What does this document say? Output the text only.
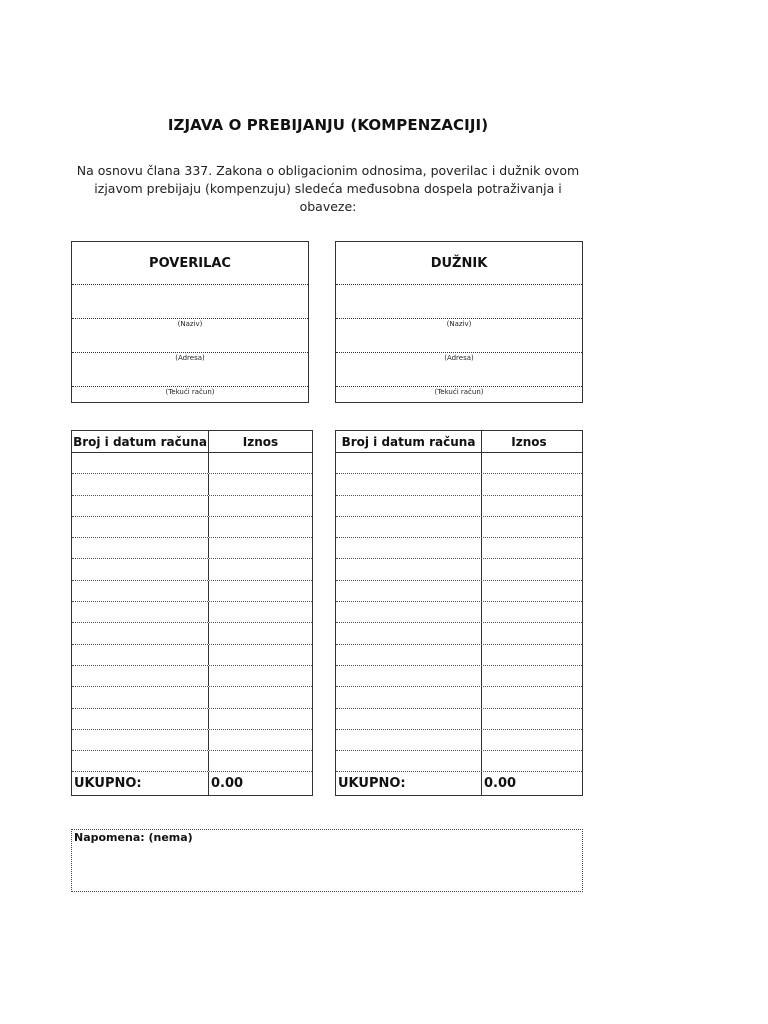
IZJAVA O PREBIJANJU (KOMPENZACIJI)
Na osnovu člana 337. Zakona o obligacionim odnosima, poverilac i dužnik ovom izjavom prebijaju (kompenzuju) sledeća međusobna dospela potraživanja i obaveze:
POVERILAC
(Naziv)
(Adresa)
(Tekući račun)
DUŽNIK
(Naziv)
(Adresa)
(Tekući račun)
Broj i datum računa	Iznos
UKUPNO:	0.00
Broj i datum računa	Iznos
UKUPNO:	0.00
Napomena: (nema)
